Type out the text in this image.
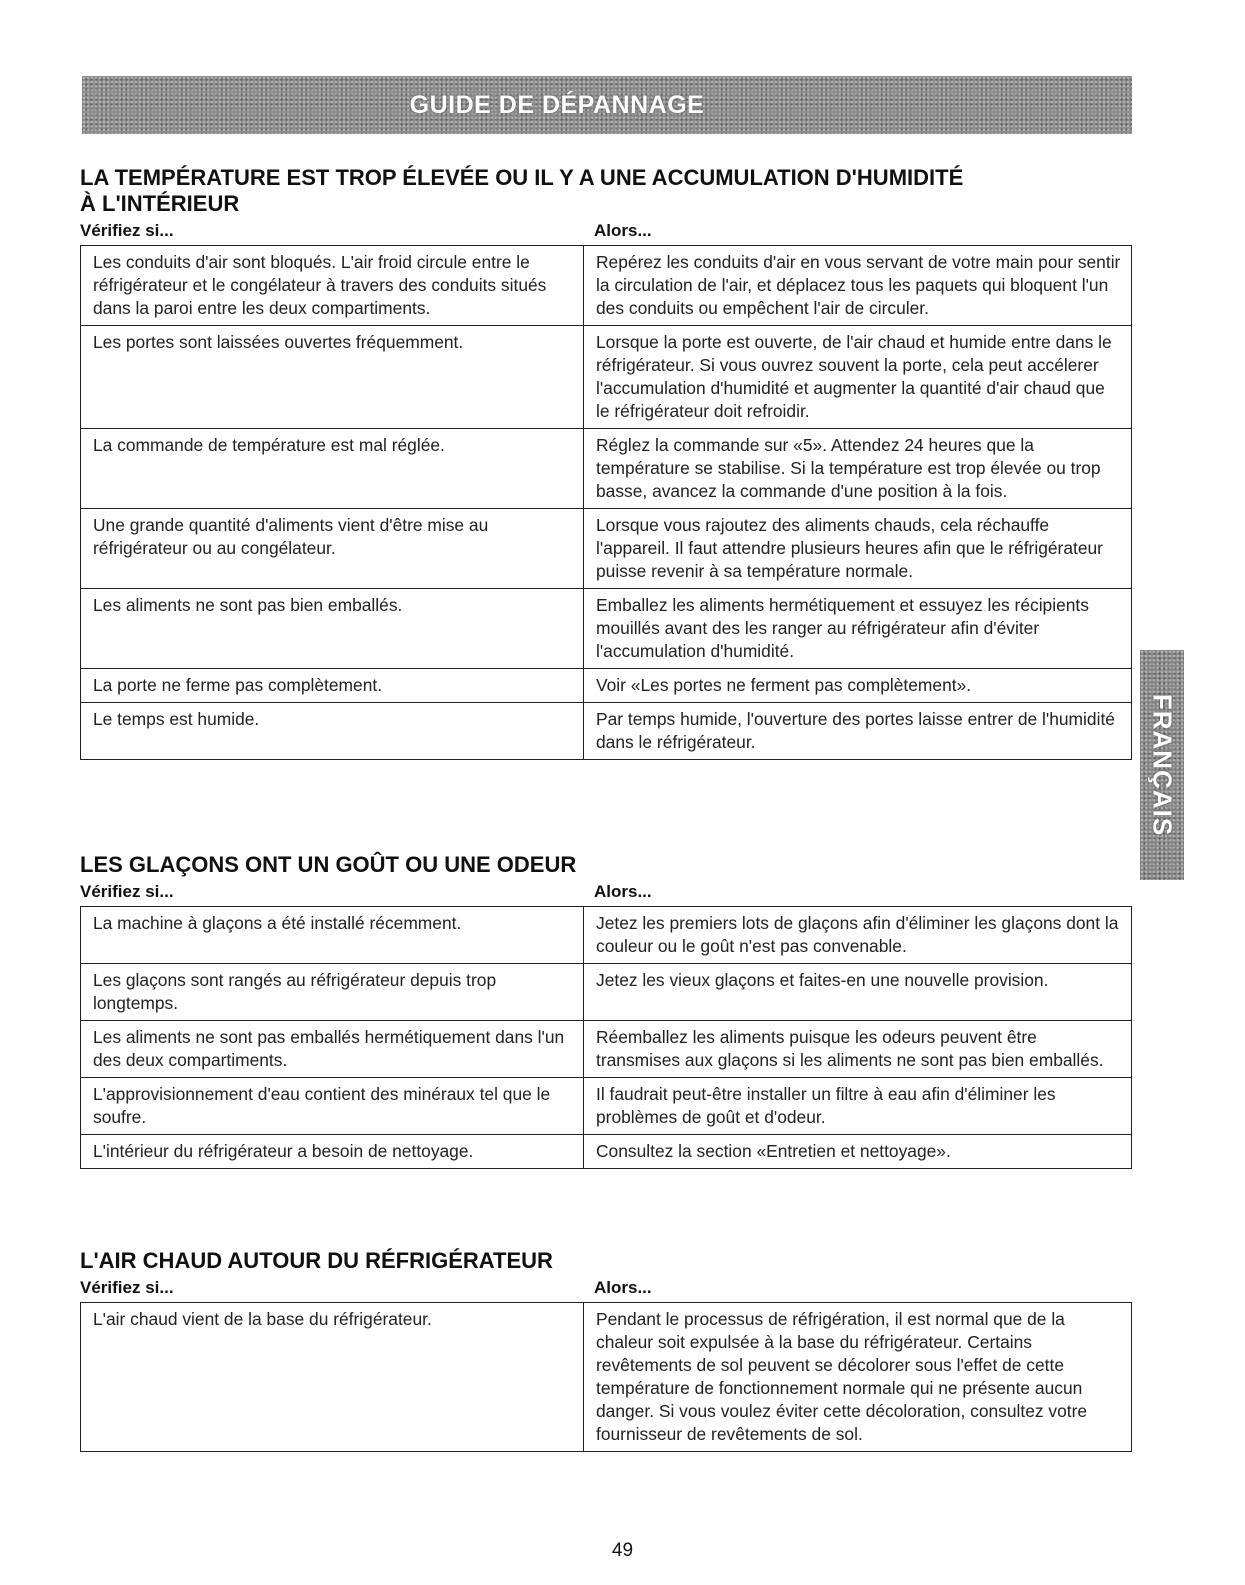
GUIDE DE DÉPANNAGE
FRANÇAIS
LA TEMPÉRATURE EST TROP ÉLEVÉE OU IL Y A UNE ACCUMULATION D'HUMIDITÉ
À L'INTÉRIEUR
Vérifiez si...	Alors...
Les conduits d'air sont bloqués. L'air froid circule entre le réfrigérateur et le congélateur à travers des conduits situés dans la paroi entre les deux compartiments.	Repérez les conduits d'air en vous servant de votre main pour sentir la circulation de l'air, et déplacez tous les paquets qui bloquent l'un des conduits ou empêchent l'air de circuler.
Les portes sont laissées ouvertes fréquemment.	Lorsque la porte est ouverte, de l'air chaud et humide entre dans le réfrigérateur. Si vous ouvrez souvent la porte, cela peut accélerer l'accumulation d'humidité et augmenter la quantité d'air chaud que le réfrigérateur doit refroidir.
La commande de température est mal réglée.	Réglez la commande sur «5». Attendez 24 heures que la température se stabilise. Si la température est trop élevée ou trop basse, avancez la commande d'une position à la fois.
Une grande quantité d'aliments vient d'être mise au réfrigérateur ou au congélateur.	Lorsque vous rajoutez des aliments chauds, cela réchauffe l'appareil. Il faut attendre plusieurs heures afin que le réfrigérateur puisse revenir à sa température normale.
Les aliments ne sont pas bien emballés.	Emballez les aliments hermétiquement et essuyez les récipients mouillés avant des les ranger au réfrigérateur afin d'éviter l'accumulation d'humidité.
La porte ne ferme pas complètement.	Voir «Les portes ne ferment pas complètement».
Le temps est humide.	Par temps humide, l'ouverture des portes laisse entrer de l'humidité dans le réfrigérateur.
LES GLAÇONS ONT UN GOÛT OU UNE ODEUR
Vérifiez si...	Alors...
La machine à glaçons a été installé récemment.	Jetez les premiers lots de glaçons afin d'éliminer les glaçons dont la couleur ou le goût n'est pas convenable.
Les glaçons sont rangés au réfrigérateur depuis trop longtemps.	Jetez les vieux glaçons et faites-en une nouvelle provision.
Les aliments ne sont pas emballés hermétiquement dans l'un des deux compartiments.	Réemballez les aliments puisque les odeurs peuvent être transmises aux glaçons si les aliments ne sont pas bien emballés.
L'approvisionnement d'eau contient des minéraux tel que le soufre.	Il faudrait peut-être installer un filtre à eau afin d'éliminer les problèmes de goût et d'odeur.
L'intérieur du réfrigérateur a besoin de nettoyage.	Consultez la section «Entretien et nettoyage».
L'AIR CHAUD AUTOUR DU RÉFRIGÉRATEUR
Vérifiez si...	Alors...
L'air chaud vient de la base du réfrigérateur.	Pendant le processus de réfrigération, il est normal que de la chaleur soit expulsée à la base du réfrigérateur. Certains revêtements de sol peuvent se décolorer sous l'effet de cette température de fonctionnement normale qui ne présente aucun danger. Si vous voulez éviter cette décoloration, consultez votre fournisseur de revêtements de sol.
49
